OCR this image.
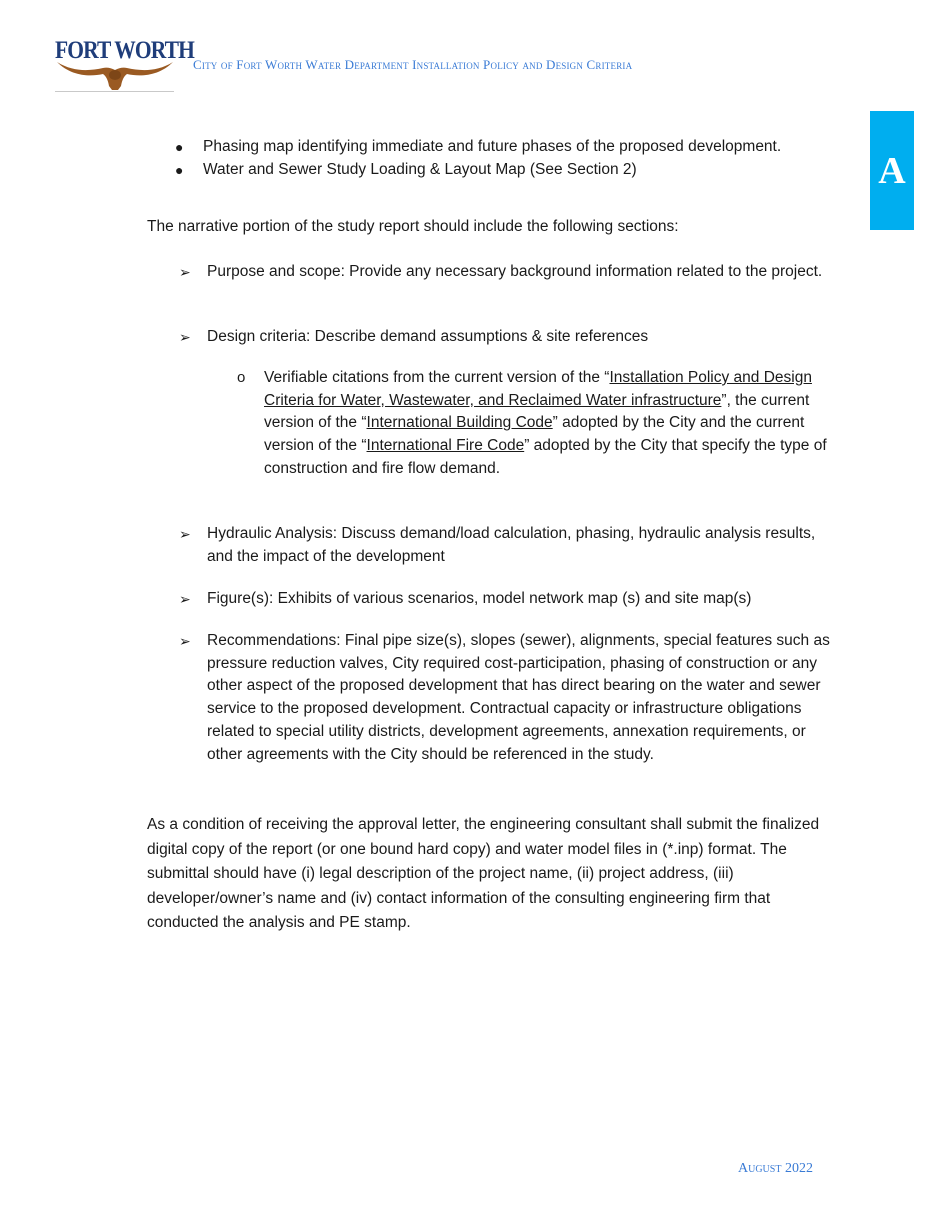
FORT WORTH
City of Fort Worth Water Department Installation Policy and Design Criteria
A
● Phasing map identifying immediate and future phases of the proposed development.
● Water and Sewer Study Loading & Layout Map (See Section 2)
The narrative portion of the study report should include the following sections:
➢ Purpose and scope: Provide any necessary background information related to the project.
➢ Design criteria: Describe demand assumptions & site references
o Verifiable citations from the current version of the “Installation Policy and Design Criteria for Water, Wastewater, and Reclaimed Water infrastructure”, the current version of the “International Building Code” adopted by the City and the current version of the “International Fire Code” adopted by the City that specify the type of construction and fire flow demand.
➢ Hydraulic Analysis: Discuss demand/load calculation, phasing, hydraulic analysis results, and the impact of the development
➢ Figure(s): Exhibits of various scenarios, model network map (s) and site map(s)
➢ Recommendations: Final pipe size(s), slopes (sewer), alignments, special features such as pressure reduction valves, City required cost-participation, phasing of construction or any other aspect of the proposed development that has direct bearing on the water and sewer service to the proposed development. Contractual capacity or infrastructure obligations related to special utility districts, development agreements, annexation requirements, or other agreements with the City should be referenced in the study.
As a condition of receiving the approval letter, the engineering consultant shall submit the finalized digital copy of the report (or one bound hard copy) and water model files in (*.inp) format. The submittal should have (i) legal description of the project name, (ii) project address, (iii) developer/owner’s name and (iv) contact information of the consulting engineering firm that conducted the analysis and PE stamp.
August 2022
